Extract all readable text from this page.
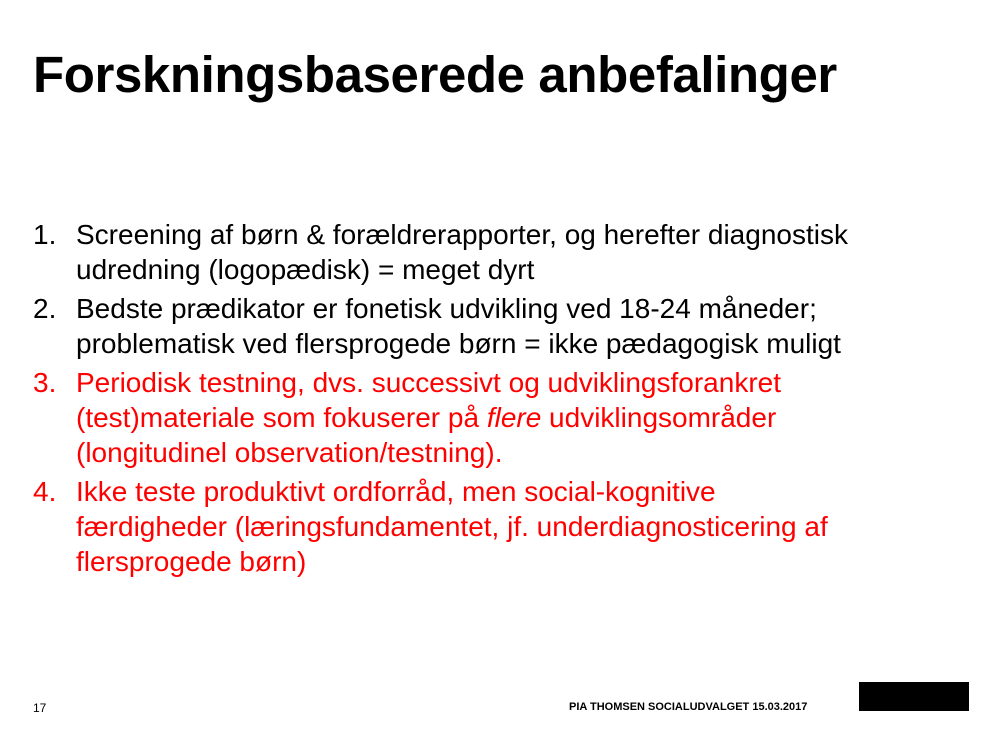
Forskningsbaserede anbefalinger
1. Screening af børn & forældrerapporter, og herefter diagnostisk
udredning (logopædisk) = meget dyrt
2. Bedste prædikator er fonetisk udvikling ved 18-24 måneder;
problematisk ved flersprogede børn = ikke pædagogisk muligt
3. Periodisk testning, dvs. successivt og udviklingsforankret
(test)materiale som fokuserer på flere udviklingsområder
(longitudinel observation/testning).
4. Ikke teste produktivt ordforråd, men social-kognitive
færdigheder (læringsfundamentet, jf. underdiagnosticering af
flersprogede børn)
17	PIA THOMSEN SOCIALUDVALGET 15.03.2017
